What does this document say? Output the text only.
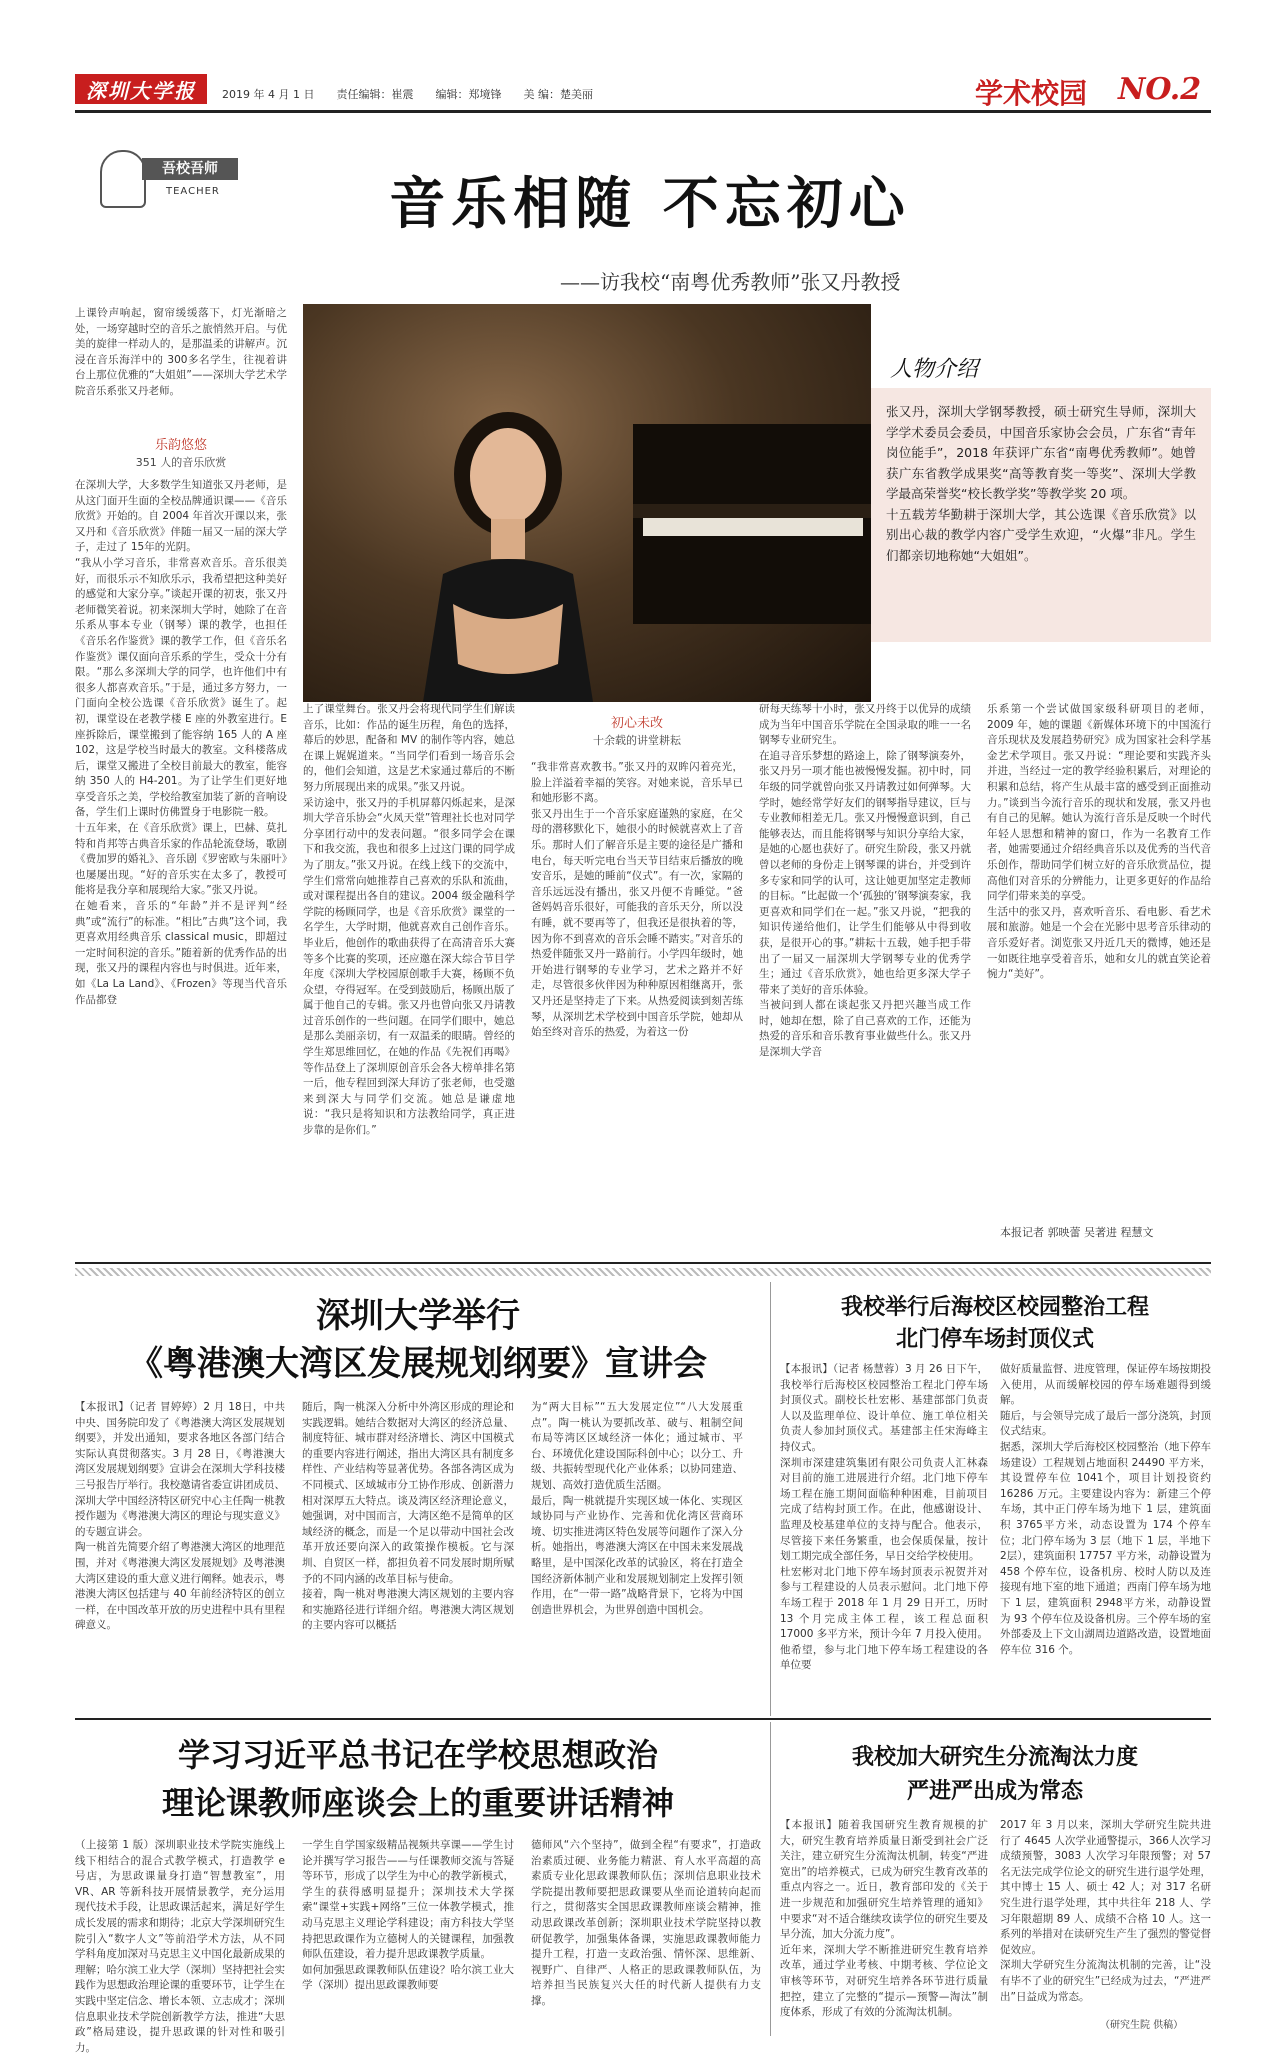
深圳大学报 2019 年 4 月 1 日 责任编辑：崔震 编辑：郑境锋 美 编：楚美丽	学术校园 NO.2
吾校吾师
TEACHER	音乐相随 不忘初心
——访我校“南粤优秀教师”张又丹教授
上课铃声响起，窗帘缓缓落下，灯光渐暗之处，一场穿越时空的音乐之旅悄然开启。与优美的旋律一样动人的，是那温柔的讲解声。沉浸在音乐海洋中的 300多名学生，往视着讲台上那位优雅的“大姐姐”——深圳大学艺术学院音乐系张又丹老师。
乐韵悠悠
351 人的音乐欣赏
在深圳大学，大多数学生知道张又丹老师，是从这门面开生面的全校品牌通识课——《音乐欣赏》开始的。自 2004 年首次开课以来，张又丹和《音乐欣赏》伴随一届又一届的深大学子，走过了 15年的光阴。
“我从小学习音乐，非常喜欢音乐。音乐很美好，而很乐示不知欣乐示，我希望把这种美好的感觉和大家分享。”谈起开课的初衷，张又丹老师微笑着说。初来深圳大学时，她除了在音乐系从事本专业（钢琴）课的教学，也担任《音乐名作鉴赏》课的教学工作，但《音乐名作鉴赏》课仅面向音乐系的学生，受众十分有限。“那么多深圳大学的同学，也许他们中有很多人都喜欢音乐。”于是，通过多方努力，一门面向全校公选课《音乐欣赏》诞生了。起初，课堂设在老教学楼 E 座的外教室进行。E 座拆除后，课堂搬到了能容纳 165 人的 A 座 102，这是学校当时最大的教室。文科楼落成后，课堂又搬进了全校目前最大的教室，能容纳 350 人的 H4-201。为了让学生们更好地享受音乐之美，学校给教室加装了新的音响设备，学生们上课时仿佛置身于电影院一般。
十五年来，在《音乐欣赏》课上，巴赫、莫扎特和肖邦等古典音乐家的作品轮流登场，歌剧《费加罗的婚礼》、音乐剧《罗密欧与朱丽叶》也屡屡出现。“好的音乐实在太多了，教授可能将是我分享和展现给大家。”张又丹说。
在她看来，音乐的“年龄”并不是评判“经典”或“流行”的标准。“相比”古典”这个词，我更喜欢用经典音乐 classical music，即超过一定时间积淀的音乐。”随着新的优秀作品的出现，张又丹的课程内容也与时俱进。近年来，如《La La Land》、《Frozen》等现当代音乐作品都登
人物介绍
张又丹，深圳大学钢琴教授，硕士研究生导师，深圳大学学术委员会委员，中国音乐家协会会员，广东省“青年岗位能手”，2018 年获评广东省“南粤优秀教师”。她曾获广东省教学成果奖“高等教育奖一等奖”、深圳大学教学最高荣誉奖“校长教学奖”等教学奖 20 项。
十五载芳华勤耕于深圳大学，其公选课《音乐欣赏》以别出心裁的教学内容广受学生欢迎，“火爆”非凡。学生们都亲切地称她“大姐姐”。
上了课堂舞台。张又丹会将现代同学生们解读音乐，比如：作品的诞生历程，角色的选择，幕后的妙思，配备和 MV 的制作等内容，她总在课上娓娓道来。“当同学们看到一场音乐会的，他们会知道，这是艺术家通过幕后的不断努力所展现出来的成果。”张又丹说。
采访途中，张又丹的手机屏幕闪烁起来，是深圳大学音乐协会“火凤天堂”管理社长也对同学分享团行动中的发表问题。“很多同学会在课下和我交流，我也和很多上过这门课的同学成为了朋友。”张又丹说。在线上线下的交流中，学生们常常向她推荐自己喜欢的乐队和流曲，或对课程提出各自的建议。2004 级金融科学学院的杨顾同学，也是《音乐欣赏》课堂的一名学生，大学时期，他就喜欢自己创作音乐。毕业后，他创作的歌曲获得了在高清音乐大赛等多个比赛的奖项，还应邀在深大综合节目学年度《深圳大学校园原创歌手大赛，杨顾不负众望，夺得冠军。在受到鼓励后，杨顾出版了属于他自己的专辑。张又丹也曾向张又丹请教过音乐创作的一些问题。在同学们眼中，她总是那么美丽亲切，有一双温柔的眼睛。曾经的学生郑思维回忆，在她的作品《先祝们再喝》等作品登上了深圳原创音乐会各大榜单排名第一后，他专程回到深大拜访了张老师，也受邀来到深大与同学们交流。她总是谦虚地说：“我只是将知识和方法教给同学，真正进步靠的是你们。”
初心未改
十余载的讲堂耕耘
“我非常喜欢教书。”张又丹的双眸闪着亮光，脸上洋溢着幸福的笑容。对她来说，音乐早已和她形影不离。
张又丹出生于一个音乐家庭谨熟的家庭，在父母的潜移默化下，她很小的时候就喜欢上了音乐。那时人们了解音乐是主要的途径是广播和电台，每天听完电台当天节目结束后播放的晚安音乐，是她的睡前“仪式”。有一次，家隔的音乐远远没有播出，张又丹便不肯睡觉。“爸爸妈妈音乐很好，可能我的音乐天分，所以没有睡，就不要再等了，但我还是很执着的等，因为你不到喜欢的音乐会睡不踏实。”对音乐的热爱伴随张又丹一路前行。小学四年级时，她开始进行钢琴的专业学习，艺术之路并不好走，尽管很多伙伴因为种种原因相继离开，张又丹还是坚持走了下来。从热爱阅读到刻苦练琴，从深圳艺术学校到中国音乐学院，她却从始至终对音乐的热爱，为着这一份
研每天练琴十小时，张又丹终于以优异的成绩成为当年中国音乐学院在全国录取的唯一一名钢琴专业研究生。
在追寻音乐梦想的路途上，除了钢琴演奏外，张又丹另一项才能也被慢慢发掘。初中时，同年级的同学就曾向张又丹请教过如何弹琴。大学时，她经常学好友们的钢琴指导建议，巨与专业教师相差无几。张又丹慢慢意识到，自己能够表达，而且能将钢琴与知识分享给大家，是她的心愿也获好了。研究生阶段，张又丹就曾以老师的身份走上钢琴课的讲台，并受到许多专家和同学的认可，这让她更加坚定走教师的目标。“比起做一个‘孤独的’钢琴演奏家，我更喜欢和同学们在一起。”张又丹说，“把我的知识传递给他们，让学生们能够从中得到收获，是很开心的事。”耕耘十五载，她手把手带出了一届又一届深圳大学钢琴专业的优秀学生；通过《音乐欣赏》，她也给更多深大学子带来了美好的音乐体验。
当被问到人都在谈起张又丹把兴趣当成工作时，她却在想，除了自己喜欢的工作，还能为热爱的音乐和音乐教育事业做些什么。张又丹是深圳大学音
乐系第一个尝试做国家级科研项目的老师，2009 年，她的课题《新媒体环境下的中国流行音乐现状及发展趋势研究》成为国家社会科学基金艺术学项目。张又丹说：“理论要和实践齐头并进，当经过一定的教学经验积累后，对理论的积累和总结，将产生从最丰富的感受到正面推动力。”谈到当今流行音乐的现状和发展，张又丹也有自己的见解。她认为流行音乐是反映一个时代年轻人思想和精神的窗口，作为一名教育工作者，她需要通过介绍经典音乐以及优秀的当代音乐创作，帮助同学们树立好的音乐欣赏品位，提高他们对音乐的分辨能力，让更多更好的作品给同学们带来美的享受。
生活中的张又丹，喜欢听音乐、看电影、看艺术展和旅游。她是一个会在光影中思考音乐律动的音乐爱好者。浏览张又丹近几天的微博，她还是一如既往地享受着音乐，她和女儿的就直笑论着惋力“美好”。
本报记者 郭映蕾 吴著进 程慧文
深圳大学举行
《粤港澳大湾区发展规划纲要》宣讲会
【本报讯】（记者 冒婷婷）2 月 18日，中共中央、国务院印发了《粤港澳大湾区发展规划纲要》，并发出通知，要求各地区各部门结合实际认真贯彻落实。3 月 28 日，《粤港澳大湾区发展规划纲要》宣讲会在深圳大学科技楼三号报告厅举行。我校邀请省委宣讲团成员、深圳大学中国经济特区研究中心主任陶一桃教授作题为《粤港澳大湾区的理论与现实意义》的专题宣讲会。
陶一桃首先简要介绍了粤港澳大湾区的地理范围，并对《粤港澳大湾区发展规划》及粤港澳大湾区建设的重大意义进行阐释。她表示，粤港澳大湾区包括建与 40 年前经济特区的创立一样，在中国改革开放的历史进程中具有里程碑意义。
随后，陶一桃深入分析中外湾区形成的理论和实践逻辑。她结合数据对大湾区的经济总量、制度特征、城市群对经济增长、湾区中国模式的重要内容进行阐述，指出大湾区具有制度多样性、产业结构等显著优势。各部各湾区成为不同模式、区域城市分工协作形成、创新潜力相对深厚五大特点。谈及湾区经济理论意义，她强调，对中国而言，大湾区绝不是简单的区域经济的概念，而是一个足以带动中国社会改革开放还要向深入的政策操作模板。它与深圳、自贸区一样，都担负着不同发展时期所赋予的不同内涵的改革目标与使命。
接着，陶一桃对粤港澳大湾区规划的主要内容和实施路径进行详细介绍。粤港澳大湾区规划的主要内容可以概括
为“两大目标”“五大发展定位”“八大发展重点”。陶一桃认为要抓改革、破与、粗制空间布局等湾区区域经济一体化；通过城市、平台、环境优化建设国际科创中心；以分工、升级、共振转型现代化产业体系；以协同建造、规划、高效打造优质生活圈。
最后，陶一桃就提升实现区域一体化、实现区域协同与产业协作、完善和优化湾区营商环境、切实推进湾区特色发展等问题作了深入分析。她指出，粤港澳大湾区在中国未来发展战略里，是中国深化改革的试验区，将在打造全国经济新体制产业和发展规划制定上发挥引领作用，在“一带一路”战略背景下，它将为中国创造世界机会，为世界创造中国机会。
我校举行后海校区校园整治工程
北门停车场封顶仪式
【本报讯】（记者 杨慧蓉）3 月 26 日下午，我校举行后海校区校园整治工程北门停车场封顶仪式。副校长杜宏彬、基建部部门负责人以及监理单位、设计单位、施工单位相关负责人参加封顶仪式。基建部主任宋海峰主持仪式。
深圳市深建建筑集团有限公司负责人汇林森对目前的施工进展进行介绍。北门地下停车场工程在施工期间面临种种困难，目前项目完成了结构封顶工作。在此，他感谢设计、监理及校基建单位的支持与配合。他表示，尽管接下来任务繁重，也会保质保量，按计划工期完成全部任务，早日交给学校使用。
杜宏彬对北门地下停车场封顶表示祝贺并对参与工程建设的人员表示慰问。北门地下停车场工程于 2018 年 1 月 29 日开工，历时 13 个月完成主体工程，该工程总面积 17000 多平方米，预计今年 7 月投入使用。他希望，参与北门地下停车场工程建设的各单位要
做好质量监督、进度管理，保证停车场按期投入使用，从而缓解校园的停车场难题得到缓解。
随后，与会领导完成了最后一部分浇筑，封顶仪式结束。
据悉，深圳大学后海校区校园整治（地下停车场建设）工程规划占地面积 24490 平方米，其设置停车位 1041个，项目计划投资约 16286 万元。主要建设内容为：新建三个停车场，其中正门停车场为地下 1 层，建筑面积 3765平方米，动态设置为 174 个停车位；北门停车场为 3 层（地下 1 层，半地下 2层），建筑面积 17757 平方米，动静设置为 458 个停车位，设备机房、校时人防以及连接现有地下室的地下通道；西南门停车场为地下 1 层，建筑面积 2948平方米，动静设置为 93 个停车位及设备机房。三个停车场的室外部委及上下文山湖周边道路改造，设置地面停车位 316 个。
学习习近平总书记在学校思想政治
理论课教师座谈会上的重要讲话精神
（上接第 1 版）深圳职业技术学院实施线上线下相结合的混合式教学模式，打造教学 e 号店，为思政课量身打造“智慧教室”，用 VR、AR 等新科技开展情景教学，充分运用现代技术手段，让思政课活起来，满足好学生成长发展的需求和期待；北京大学深圳研究生院引入“数字人文”等前沿学术方法，从不同学科角度加深对马克思主义中国化最新成果的理解；哈尔滨工业大学（深圳）坚持把社会实践作为思想政治理论课的重要环节，让学生在实践中坚定信念、增长本领、立志成才；深圳信息职业技术学院创新教学方法，推进“大思政”格局建设，提升思政课的针对性和吸引力。
一学生自学国家级精品视频共享课——学生讨论并撰写学习报告——与任课教师交流与答疑等环节，形成了以学生为中心的教学新模式，学生的获得感明显提升；深圳技术大学探索“课堂+实践+网络”三位一体教学模式，推动马克思主义理论学科建设；南方科技大学坚持把思政课作为立德树人的关键课程，加强教师队伍建设，着力提升思政课教学质量。
如何加强思政课教师队伍建设？哈尔滨工业大学（深圳）提出思政课教师要
德师风“六个坚持”，做到全程“有要求”，打造政治素质过硬、业务能力精湛、育人水平高超的高素质专业化思政课教师队伍；深圳信息职业技术学院提出教师要把思政课要从坐而论道转向起而行之，贯彻落实全国思政课教师座谈会精神，推动思政课改革创新；深圳职业技术学院坚持以教研促教学，加强集体备课，实施思政课教师能力提升工程，打造一支政治强、情怀深、思维新、视野广、自律严、人格正的思政课教师队伍，为培养担当民族复兴大任的时代新人提供有力支撑。
我校加大研究生分流淘汰力度
严进严出成为常态
【本报讯】随着我国研究生教育规模的扩大，研究生教育培养质量日渐受到社会广泛关注，建立研究生分流淘汰机制，转变“严进宽出”的培养模式，已成为研究生教育改革的重点内容之一。近日，教育部印发的《关于进一步规范和加强研究生培养管理的通知》中要求“对不适合继续攻读学位的研究生要及早分流，加大分流力度”。
近年来，深圳大学不断推进研究生教育培养改革，通过学业考核、中期考核、学位论文审核等环节，对研究生培养各环节进行质量把控，建立了完整的“提示—预警—淘汰”制度体系，形成了有效的分流淘汰机制。
2017 年 3 月以来，深圳大学研究生院共进行了 4645 人次学业通警提示，366人次学习成绩预警，3083 人次学习年限预警；对 57 名无法完成学位论文的研究生进行退学处理，其中博士 15 人、硕士 42 人；对 317 名研究生进行退学处理，其中共往年 218 人、学习年限超期 89 人、成绩不合格 10 人。这一系列的举措对在读研究生产生了强烈的警觉督促效应。
深圳大学研究生分流淘汰机制的完善，让“没有毕不了业的研究生”已经成为过去，“严进严出”日益成为常态。
（研究生院 供稿）
